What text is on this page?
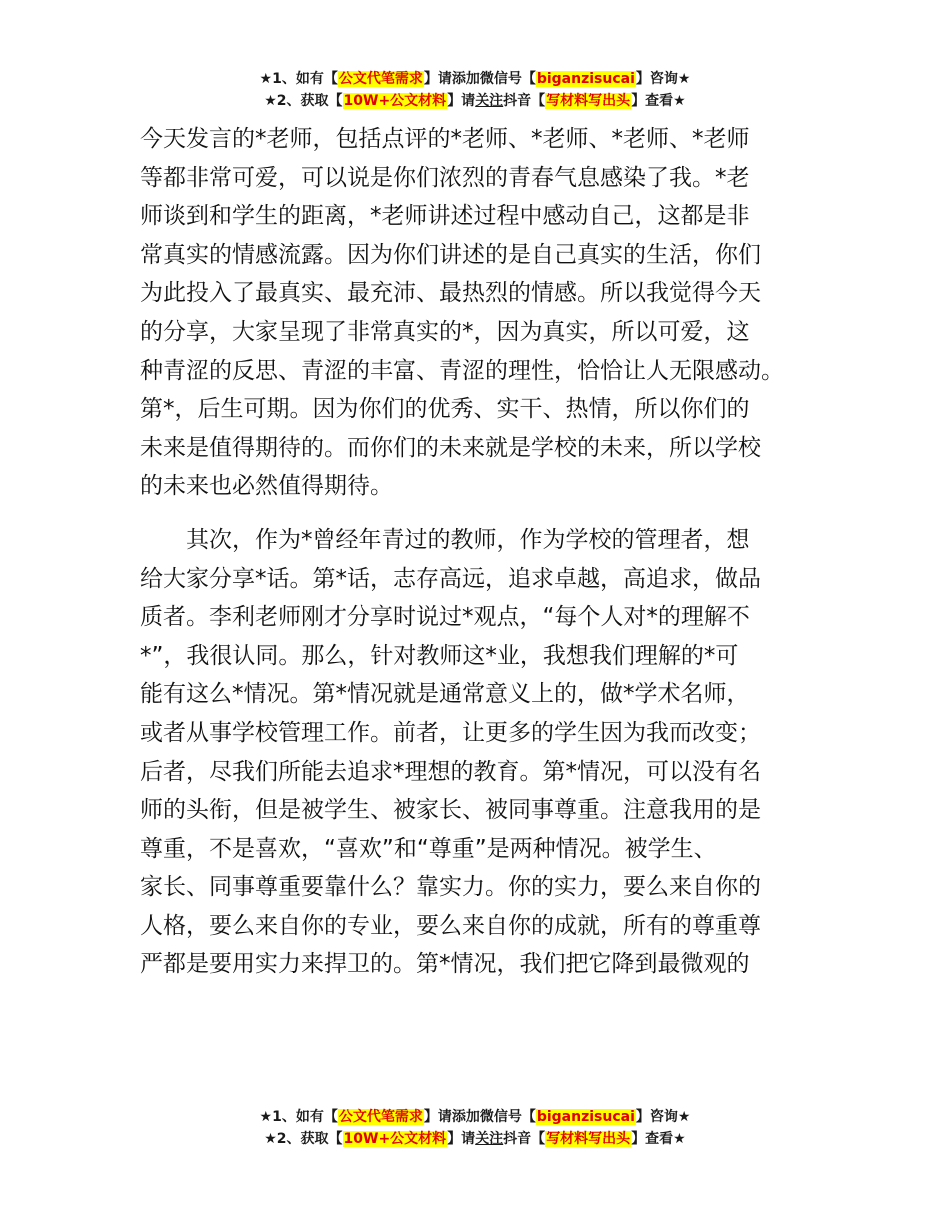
★1、如有【公文代笔需求】请添加微信号【biganzisucai】咨询★
★2、获取【10W+公文材料】请关注抖音【写材料写出头】查看★
今天发言的*老师，包括点评的*老师、*老师、*老师、*老师
等都非常可爱，可以说是你们浓烈的青春气息感染了我。*老
师谈到和学生的距离，*老师讲述过程中感动自己，这都是非
常真实的情感流露。因为你们讲述的是自己真实的生活，你们
为此投入了最真实、最充沛、最热烈的情感。所以我觉得今天
的分享，大家呈现了非常真实的*，因为真实，所以可爱，这
种青涩的反思、青涩的丰富、青涩的理性，恰恰让人无限感动。
第*，后生可期。因为你们的优秀、实干、热情，所以你们的
未来是值得期待的。而你们的未来就是学校的未来，所以学校
的未来也必然值得期待。
　　其次，作为*曾经年青过的教师，作为学校的管理者，想
给大家分享*话。第*话，志存高远，追求卓越，高追求，做品
质者。李利老师刚才分享时说过*观点，“每个人对*的理解不
*”，我很认同。那么，针对教师这*业，我想我们理解的*可
能有这么*情况。第*情况就是通常意义上的，做*学术名师，
或者从事学校管理工作。前者，让更多的学生因为我而改变；
后者，尽我们所能去追求*理想的教育。第*情况，可以没有名
师的头衔，但是被学生、被家长、被同事尊重。注意我用的是
尊重，不是喜欢，“喜欢”和“尊重”是两种情况。被学生、
家长、同事尊重要靠什么？靠实力。你的实力，要么来自你的
人格，要么来自你的专业，要么来自你的成就，所有的尊重尊
严都是要用实力来捍卫的。第*情况，我们把它降到最微观的
★1、如有【公文代笔需求】请添加微信号【biganzisucai】咨询★
★2、获取【10W+公文材料】请关注抖音【写材料写出头】查看★
